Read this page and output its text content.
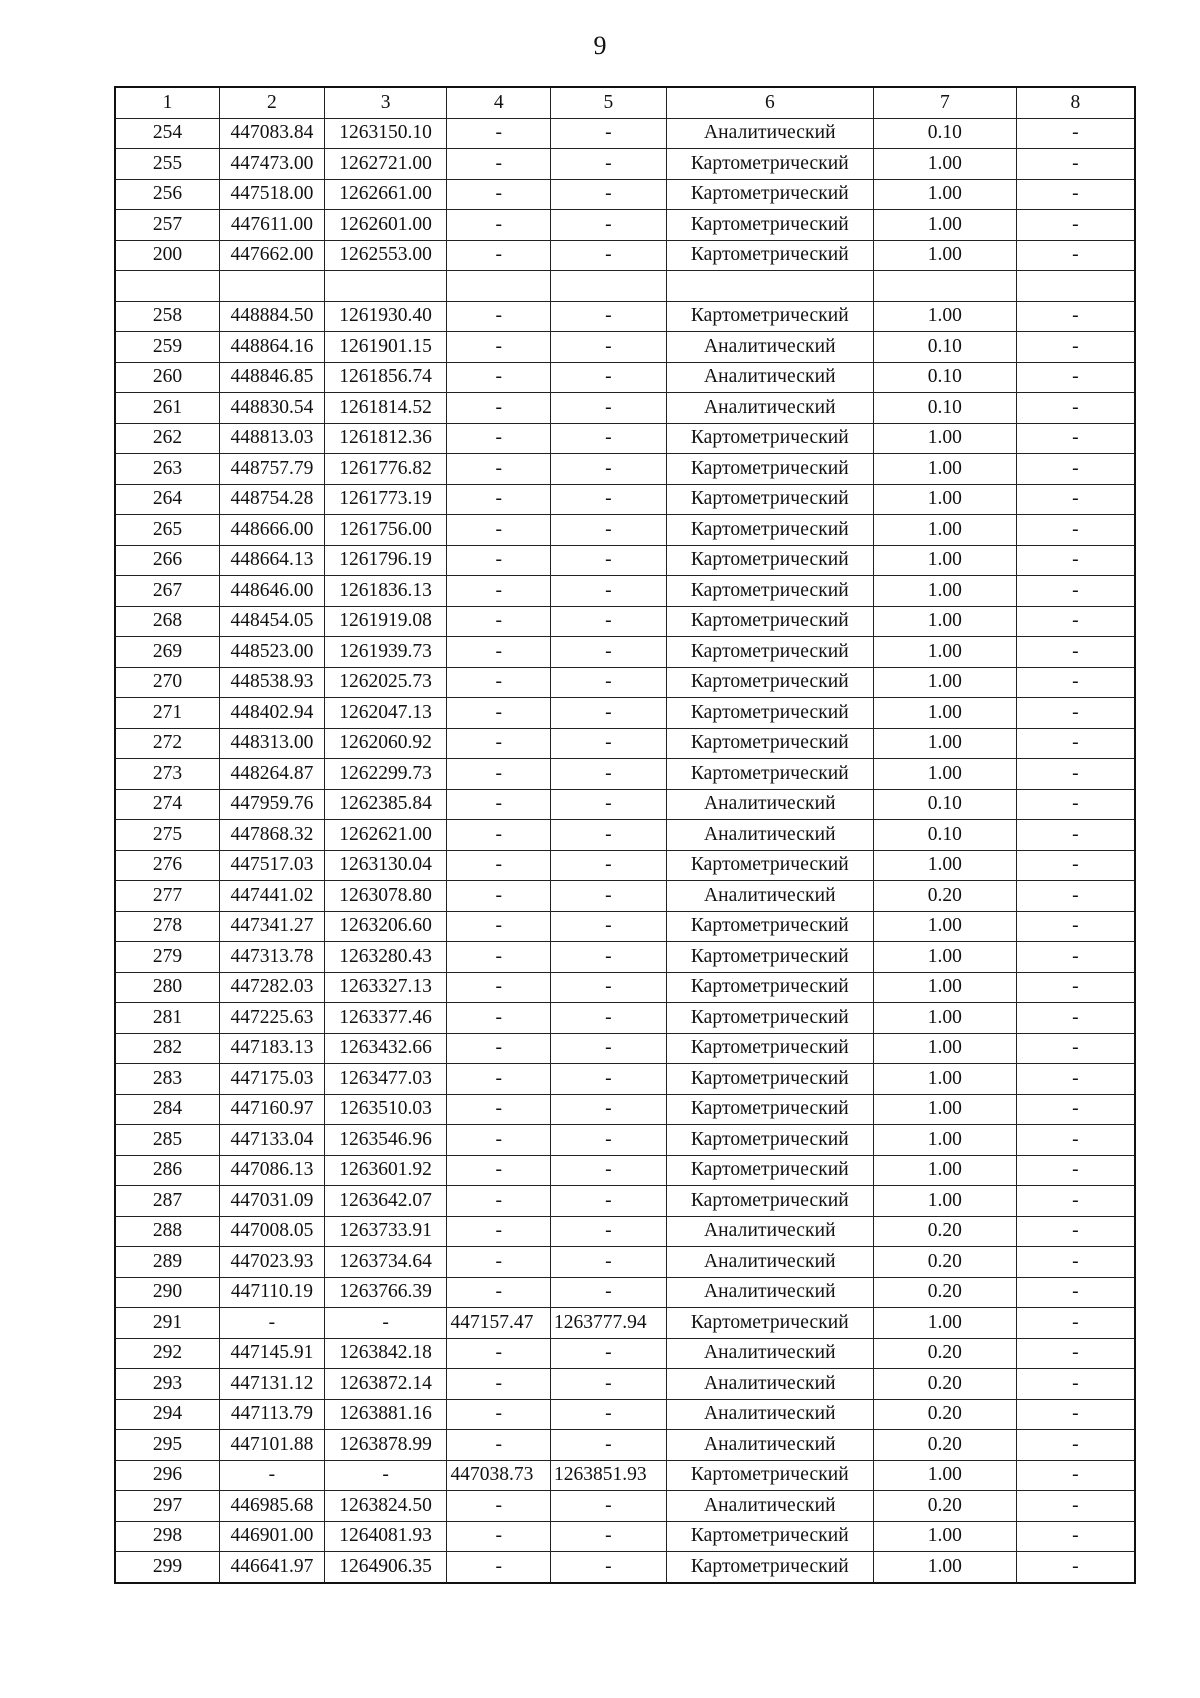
9
1	2	3	4	5	6	7	8
254	447083.84	1263150.10	-	-	Аналитический	0.10	-
255	447473.00	1262721.00	-	-	Картометрический	1.00	-
256	447518.00	1262661.00	-	-	Картометрический	1.00	-
257	447611.00	1262601.00	-	-	Картометрический	1.00	-
200	447662.00	1262553.00	-	-	Картометрический	1.00	-

258	448884.50	1261930.40	-	-	Картометрический	1.00	-
259	448864.16	1261901.15	-	-	Аналитический	0.10	-
260	448846.85	1261856.74	-	-	Аналитический	0.10	-
261	448830.54	1261814.52	-	-	Аналитический	0.10	-
262	448813.03	1261812.36	-	-	Картометрический	1.00	-
263	448757.79	1261776.82	-	-	Картометрический	1.00	-
264	448754.28	1261773.19	-	-	Картометрический	1.00	-
265	448666.00	1261756.00	-	-	Картометрический	1.00	-
266	448664.13	1261796.19	-	-	Картометрический	1.00	-
267	448646.00	1261836.13	-	-	Картометрический	1.00	-
268	448454.05	1261919.08	-	-	Картометрический	1.00	-
269	448523.00	1261939.73	-	-	Картометрический	1.00	-
270	448538.93	1262025.73	-	-	Картометрический	1.00	-
271	448402.94	1262047.13	-	-	Картометрический	1.00	-
272	448313.00	1262060.92	-	-	Картометрический	1.00	-
273	448264.87	1262299.73	-	-	Картометрический	1.00	-
274	447959.76	1262385.84	-	-	Аналитический	0.10	-
275	447868.32	1262621.00	-	-	Аналитический	0.10	-
276	447517.03	1263130.04	-	-	Картометрический	1.00	-
277	447441.02	1263078.80	-	-	Аналитический	0.20	-
278	447341.27	1263206.60	-	-	Картометрический	1.00	-
279	447313.78	1263280.43	-	-	Картометрический	1.00	-
280	447282.03	1263327.13	-	-	Картометрический	1.00	-
281	447225.63	1263377.46	-	-	Картометрический	1.00	-
282	447183.13	1263432.66	-	-	Картометрический	1.00	-
283	447175.03	1263477.03	-	-	Картометрический	1.00	-
284	447160.97	1263510.03	-	-	Картометрический	1.00	-
285	447133.04	1263546.96	-	-	Картометрический	1.00	-
286	447086.13	1263601.92	-	-	Картометрический	1.00	-
287	447031.09	1263642.07	-	-	Картометрический	1.00	-
288	447008.05	1263733.91	-	-	Аналитический	0.20	-
289	447023.93	1263734.64	-	-	Аналитический	0.20	-
290	447110.19	1263766.39	-	-	Аналитический	0.20	-
291	-	-	447157.47	1263777.94	Картометрический	1.00	-
292	447145.91	1263842.18	-	-	Аналитический	0.20	-
293	447131.12	1263872.14	-	-	Аналитический	0.20	-
294	447113.79	1263881.16	-	-	Аналитический	0.20	-
295	447101.88	1263878.99	-	-	Аналитический	0.20	-
296	-	-	447038.73	1263851.93	Картометрический	1.00	-
297	446985.68	1263824.50	-	-	Аналитический	0.20	-
298	446901.00	1264081.93	-	-	Картометрический	1.00	-
299	446641.97	1264906.35	-	-	Картометрический	1.00	-
